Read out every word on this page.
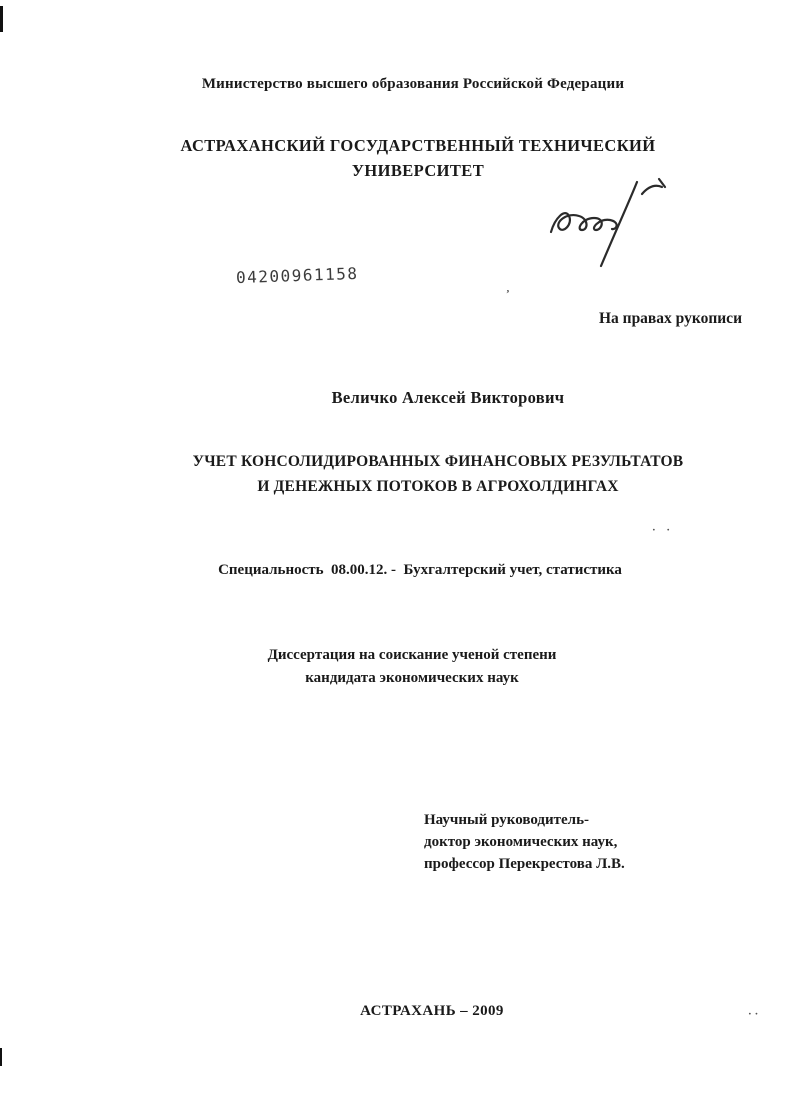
Министерство высшего образования Российской Федерации
АСТРАХАНСКИЙ ГОСУДАРСТВЕННЫЙ ТЕХНИЧЕСКИЙ УНИВЕРСИТЕТ
04200961158
На правах рукописи
Величко Алексей Викторович
УЧЕТ КОНСОЛИДИРОВАННЫХ ФИНАНСОВЫХ РЕЗУЛЬТАТОВ
И ДЕНЕЖНЫХ ПОТОКОВ В АГРОХОЛДИНГАХ
Специальность  08.00.12. -  Бухгалтерский учет, статистика
Диссертация на соискание ученой степени
кандидата экономических наук
Научный руководитель-
доктор экономических наук,
профессор Перекрестова Л.В.
АСТРАХАНЬ – 2009
’
· ·
··
